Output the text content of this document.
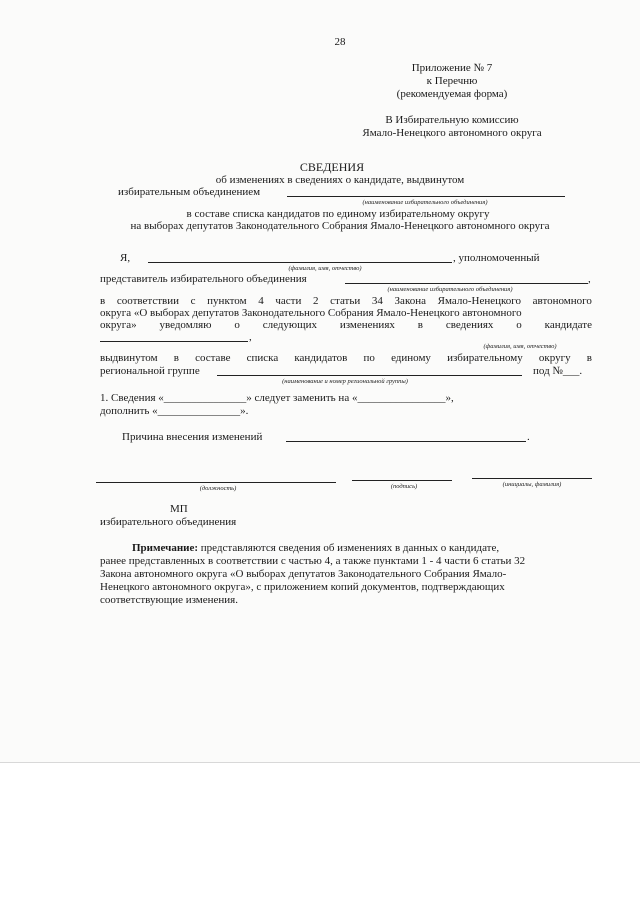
28
Приложение № 7
к Перечню
(рекомендуемая форма)
В Избирательную комиссию
Ямало-Ненецкого автономного округа
СВЕДЕНИЯ
об изменениях в сведениях о кандидате, выдвинутом
избирательным объединением
(наименование избирательного объединения)
в составе списка кандидатов по единому избирательному округу
на выборах депутатов Законодательного Собрания Ямало-Ненецкого автономного округа
Я,	, уполномоченный
(фамилия, имя, отчество)
представитель избирательного объединения	,
(наименование избирательного объединения)
в соответствии с пунктом 4 части 2 статьи 34 Закона Ямало-Ненецкого автономного
округа «О выборах депутатов Законодательного Собрания Ямало-Ненецкого автономного
округа» уведомляю о следующих изменениях в сведениях о кандидате
,
(фамилия, имя, отчество)
выдвинутом в составе списка кандидатов по единому избирательному округу в
региональной группе	под №___.
(наименование и номер региональной группы)
1. Сведения «_______________» следует заменить на «________________»,
дополнить «_______________».
Причина внесения изменений	.
(должность)	(подпись)	(инициалы, фамилия)
МП
избирательного объединения
Примечание: представляются сведения об изменениях в данных о кандидате,
ранее представленных в соответствии с частью 4, а также пунктами 1 - 4 части 6 статьи 32
Закона автономного округа «О выборах депутатов Законодательного Собрания Ямало-
Ненецкого автономного округа», с приложением копий документов, подтверждающих
соответствующие изменения.
